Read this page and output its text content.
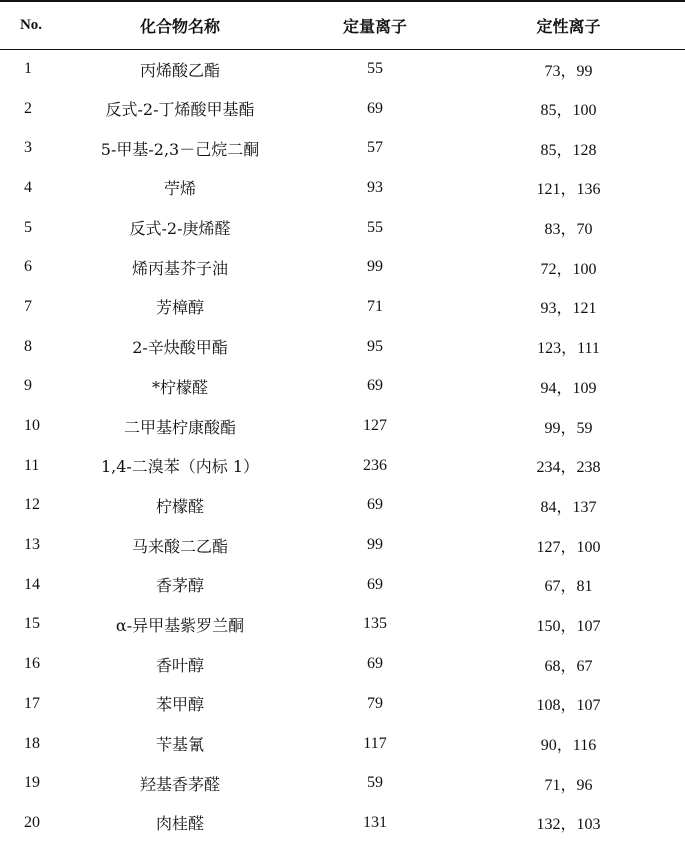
No.	化合物名称	定量离子	定性离子
1	丙烯酸乙酯	55	73，99
2	反式-2-丁烯酸甲基酯	69	85，100
3	5-甲基-2,3－己烷二酮	57	85，128
4	苧烯	93	121，136
5	反式-2-庚烯醛	55	83，70
6	烯丙基芥子油	99	72，100
7	芳樟醇	71	93，121
8	2-辛炔酸甲酯	95	123，111
9	*柠檬醛	69	94，109
10	二甲基柠康酸酯	127	99，59
11	1,4-二溴苯（内标 1）	236	234，238
12	柠檬醛	69	84，137
13	马来酸二乙酯	99	127，100
14	香茅醇	69	67，81
15	α-异甲基紫罗兰酮	135	150，107
16	香叶醇	69	68，67
17	苯甲醇	79	108，107
18	苄基氰	117	90，116
19	羟基香茅醛	59	71，96
20	肉桂醛	131	132，103
